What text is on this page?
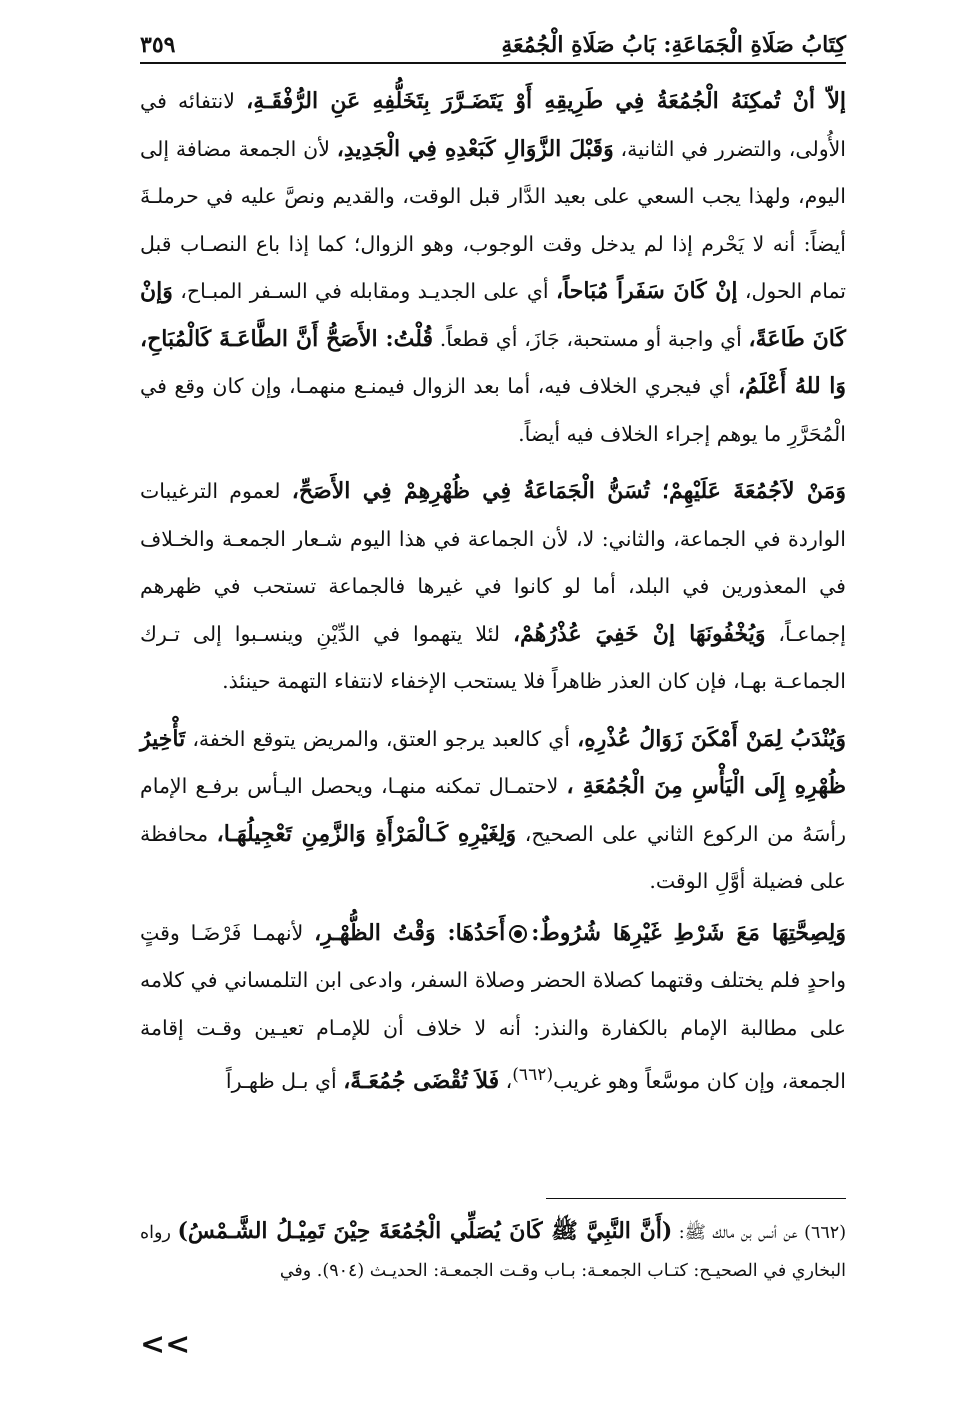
كِتَابُ صَلَاةِ الْجَمَاعَةِ: بَابُ صَلَاةِ الْجُمُعَةِ
٣٥٩

إلاّ أنْ تُمكِنَهُ الْجُمُعَةُ فِي طَرِيقِهِ أَوْ يَتَضَـرَّرَ بِتَخَلُّفِهِ عَنِ الرُّفْقَـةِ، لانتفائه في الأُولى، والتضرر في الثانية، وَقَبْلَ الزَّوَالِ كَبَعْدِهِ فِي الْجَدِيدِ، لأن الجمعة مضافة إلى اليوم، ولهذا يجب السعي على بعيد الدَّار قبل الوقت، والقديم ونصَّ عليه في حرملـةَ أيضاً: أنه لا يَحْرم إذا لم يدخل وقت الوجوب، وهو الزوال؛ كما إذا باع النصـاب قبل تمام الحول، إنْ كَانَ سَفَراً مُبَاحاً، أي على الجديـد ومقابله في السـفر المبـاح، وَإنْ كَانَ طَاعَةً، أي واجبة أو مستحبة، جَازَ، أي قطعاً. قُلْتُ: الأَصَحُّ أَنَّ الطَّاعَـةَ كَالْمُبَاحِ، وَا للهُ أَعْلَمُ، أي فيجري الخلاف فيه، أما بعد الزوال فيمنـع منهمـا، وإن كان وقع في الْمُحَرَّرِ ما يوهم إجراء الخلاف فيه أيضاً.

وَمَنْ لاَجُمُعَةَ عَلَيْهِمْ؛ تُسَنُّ الْجَمَاعَةُ فِي ظُهْرِهِمْ فِي الأَصَحِّ، لعموم الترغيبات الواردة في الجماعة، والثاني: لا، لأن الجماعة في هذا اليوم شـعار الجمعـة والخـلاف في المعذورين في البلد، أما لو كانوا في غيرها فالجماعة تستحب في ظهرهم إجماعـاً، وَيُخْفُونَهَا إنْ خَفِيَ عُذْرُهُمْ، لئلا يتهموا في الدِّيْنِ وينسـبوا إلى تـرك الجماعـة بهـا، فإن كان العذر ظاهراً فلا يستحب الإخفاء لانتفاء التهمة حينئذ.

وَيُنْدَبُ لِمَنْ أَمْكَنَ زَوَالُ عُذْرِهِ، أي كالعبد يرجو العتق، والمريض يتوقع الخفة، تَأْخِيرُ ظُهْرِهِ إِلَى الْيَأْسِ مِنَ الْجُمُعَةِ ، لاحتمـال تمكنه منهـا، ويحصل اليـأس برفـع الإمام رأسَهُ من الركوع الثاني على الصحيح، وَلِغَيْرِهِ كَـالْمَرْأَةِ وَالزَّمِنِ تَعْجِيلُهَـا، محافظة على فضيلة أوَّلِ الوقت.

وَلِصِحَّتِهَا مَعَ شَرْطِ غَيْرِهَا شُرُوطٌ:أَحَدُهَا: وَقْتُ الظُّهْـرِ، لأنهمـا فَرْضَـا وقتٍ واحدٍ فلم يختلف وقتهما كصلاة الحضر وصلاة السفر، وادعى ابن التلمساني في كلامه على مطالبة الإمام بالكفارة والنذر: أنه لا خلاف أن للإمـام تعيـين وقـت إقامة الجمعة، وإن كان موسَّعاً وهو غريب$^{(٦٦٢)}$، فَلاَ تُقْضَى جُمُعَـةً، أي بـل ظهـراً

(٦٦٢) عن أنس بن مالك ﷺ: (أَنَّ النَّبِيَّ ﷺ كَانَ يُصَلِّي الْجُمُعَةَ حِيْنَ تَمِيْـلُ الشَّـمْسُ) رواه البخاري في الصحيـح: كتـاب الجمعـة: بـاب وقـت الجمعـة: الحديـث (٩٠٤). وفي

<<
